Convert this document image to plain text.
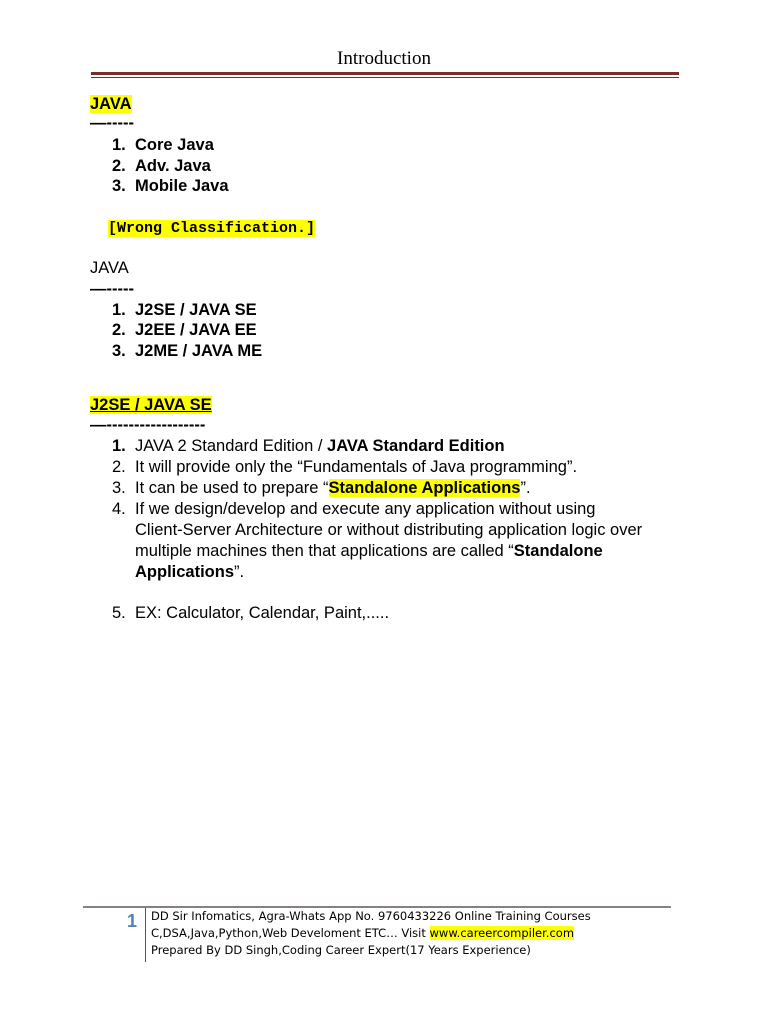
Introduction
JAVA
—-----
1. Core Java
2. Adv. Java
3. Mobile Java
[Wrong Classification.]
JAVA
—-----
1. J2SE / JAVA SE
2. J2EE / JAVA EE
3. J2ME / JAVA ME
J2SE / JAVA SE
—------------------
1. JAVA 2 Standard Edition / JAVA Standard Edition
2. It will provide only the “Fundamentals of Java programming”.
3. It can be used to prepare “Standalone Applications”.
4. If we design/develop and execute any application without using
Client-Server Architecture or without distributing application logic over
multiple machines then that applications are called “Standalone
Applications”.
5. EX: Calculator, Calendar, Paint,.....
1 DD Sir Infomatics, Agra-Whats App No. 9760433226 Online Training Courses
C,DSA,Java,Python,Web Develoment ETC… Visit www.careercompiler.com
Prepared By DD Singh,Coding Career Expert(17 Years Experience)
